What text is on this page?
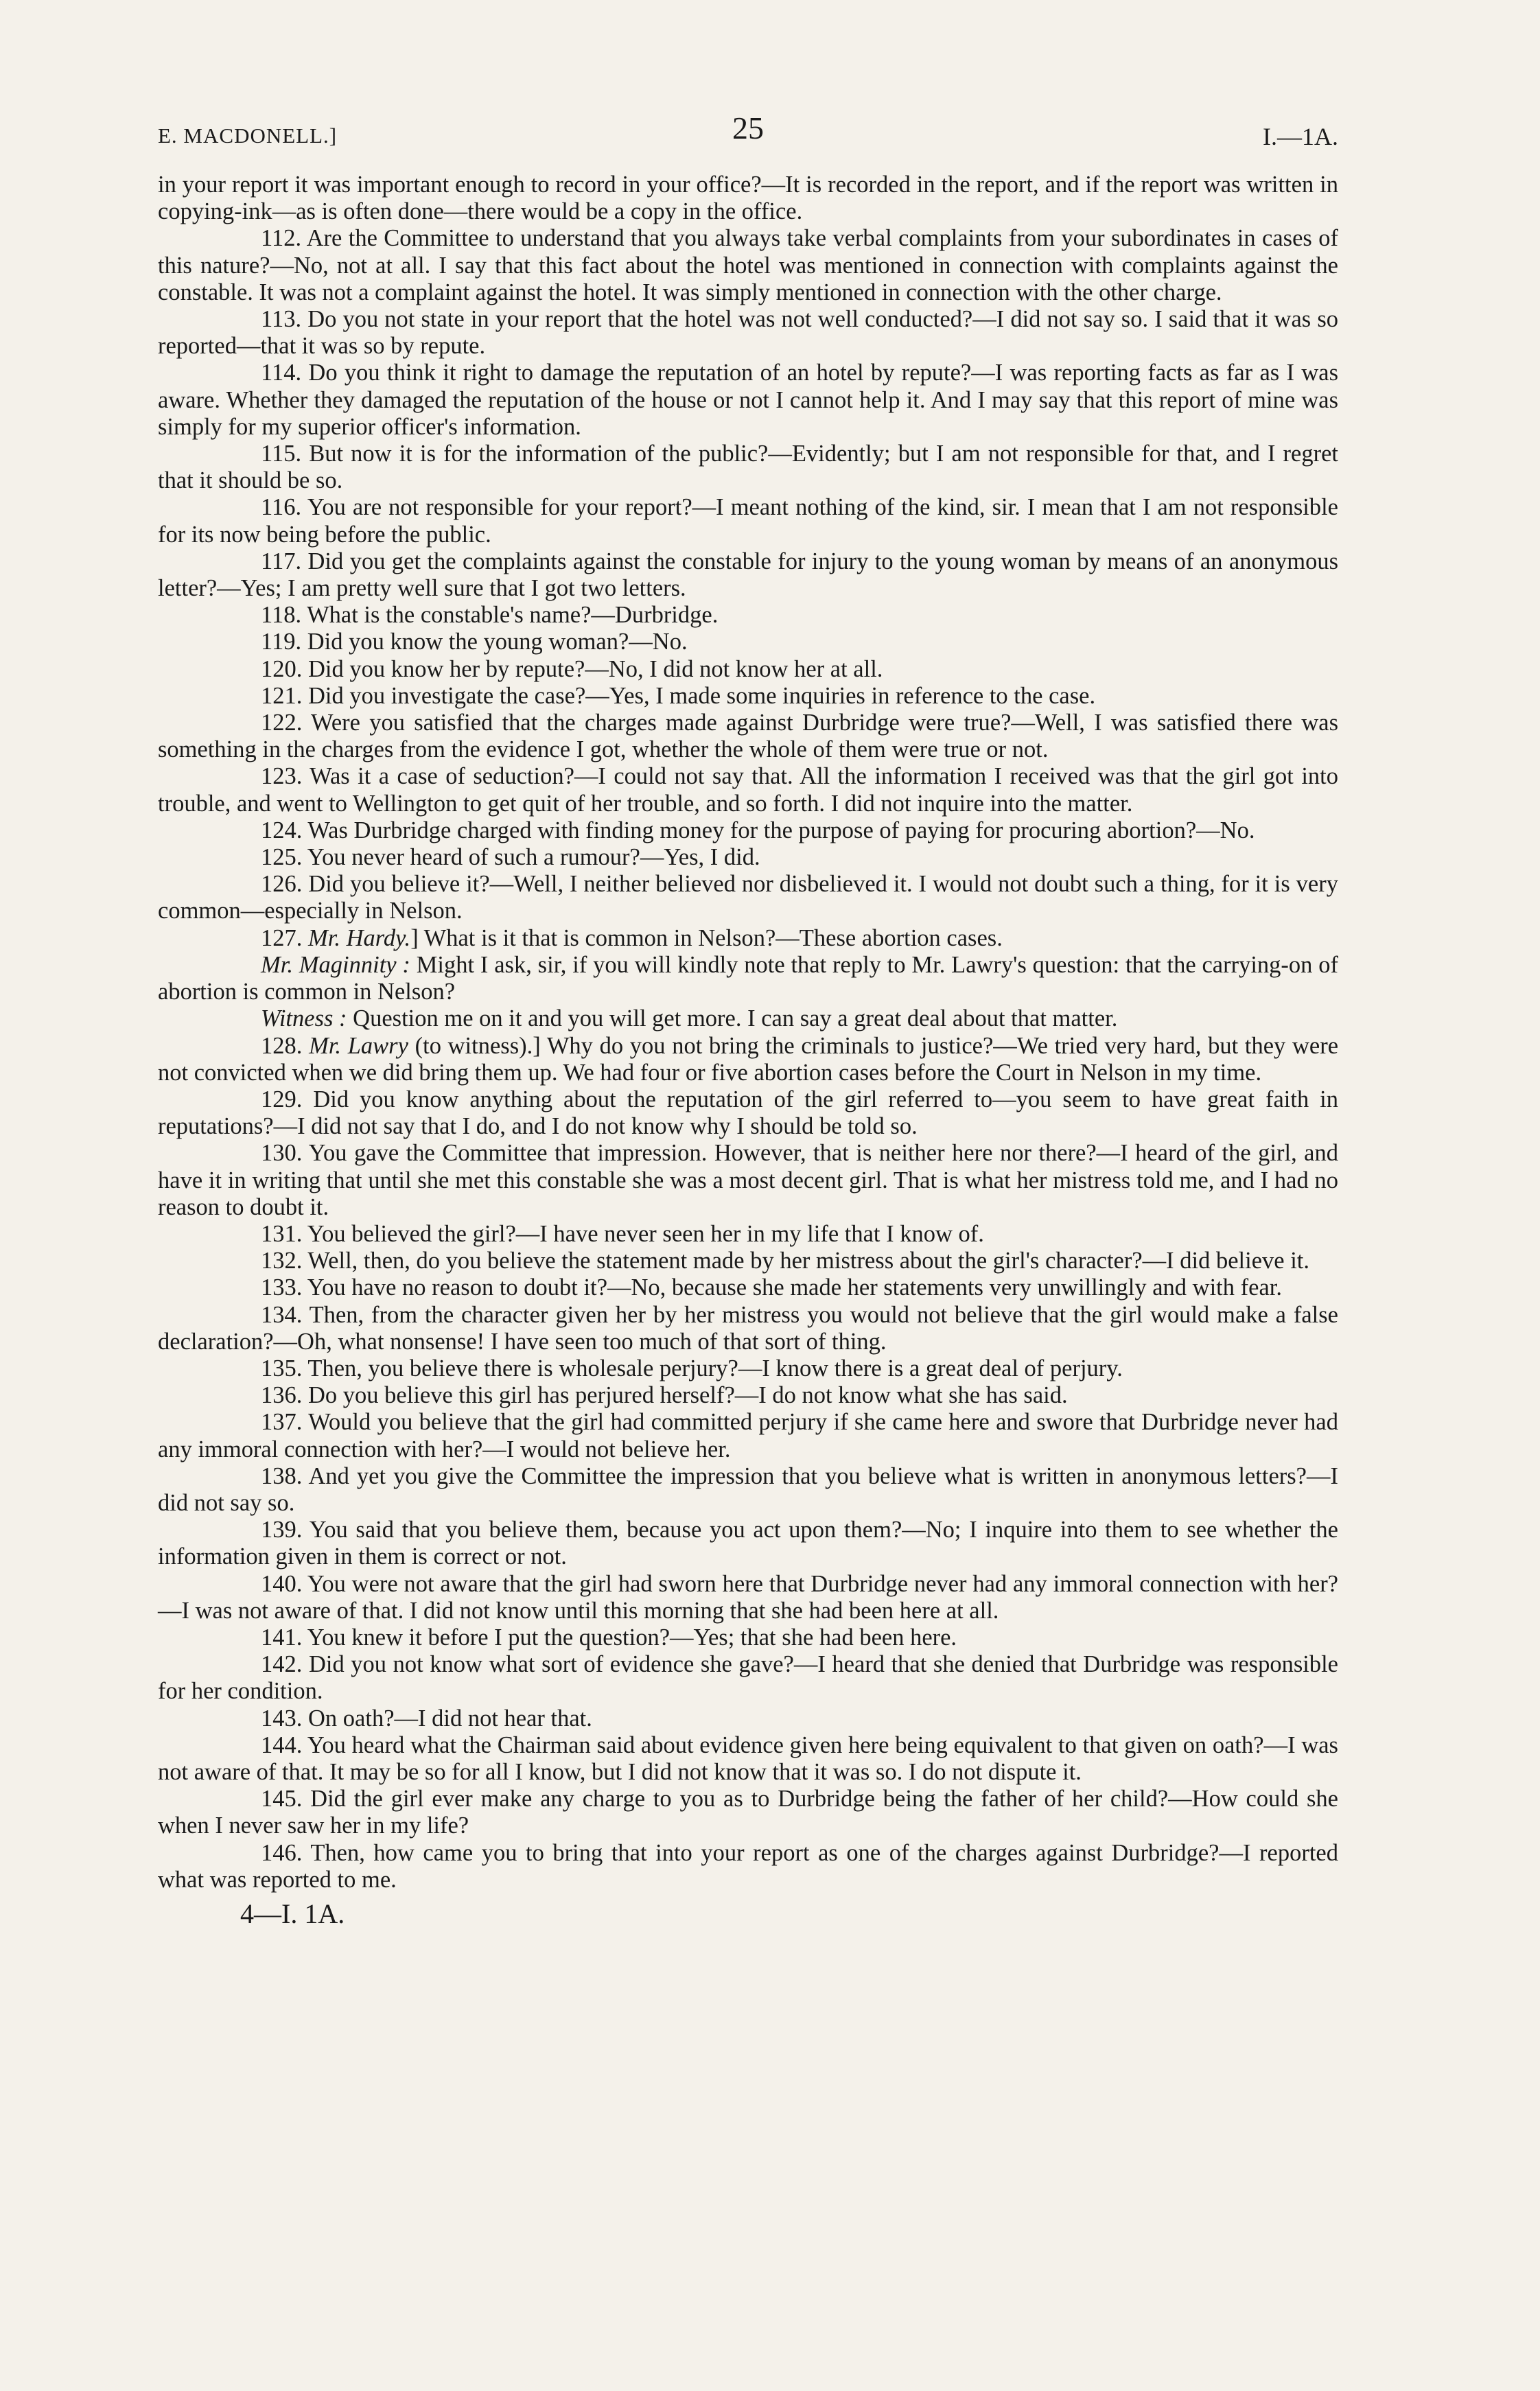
E. MACDONELL.]	25	I.—1A.

in your report it was important enough to record in your office?—It is recorded in the report, and if the report was written in copying-ink—as is often done—there would be a copy in the office.

112. Are the Committee to understand that you always take verbal complaints from your subordinates in cases of this nature?—No, not at all. I say that this fact about the hotel was mentioned in connection with complaints against the constable. It was not a complaint against the hotel. It was simply mentioned in connection with the other charge.

113. Do you not state in your report that the hotel was not well conducted?—I did not say so. I said that it was so reported—that it was so by repute.

114. Do you think it right to damage the reputation of an hotel by repute?—I was reporting facts as far as I was aware. Whether they damaged the reputation of the house or not I cannot help it. And I may say that this report of mine was simply for my superior officer's information.

115. But now it is for the information of the public?—Evidently; but I am not responsible for that, and I regret that it should be so.

116. You are not responsible for your report?—I meant nothing of the kind, sir. I mean that I am not responsible for its now being before the public.

117. Did you get the complaints against the constable for injury to the young woman by means of an anonymous letter?—Yes; I am pretty well sure that I got two letters.

118. What is the constable's name?—Durbridge.

119. Did you know the young woman?—No.

120. Did you know her by repute?—No, I did not know her at all.

121. Did you investigate the case?—Yes, I made some inquiries in reference to the case.

122. Were you satisfied that the charges made against Durbridge were true?—Well, I was satisfied there was something in the charges from the evidence I got, whether the whole of them were true or not.

123. Was it a case of seduction?—I could not say that. All the information I received was that the girl got into trouble, and went to Wellington to get quit of her trouble, and so forth. I did not inquire into the matter.

124. Was Durbridge charged with finding money for the purpose of paying for procuring abortion?—No.

125. You never heard of such a rumour?—Yes, I did.

126. Did you believe it?—Well, I neither believed nor disbelieved it. I would not doubt such a thing, for it is very common—especially in Nelson.

127. Mr. Hardy.] What is it that is common in Nelson?—These abortion cases.

Mr. Maginnity : Might I ask, sir, if you will kindly note that reply to Mr. Lawry's question: that the carrying-on of abortion is common in Nelson?

Witness : Question me on it and you will get more. I can say a great deal about that matter.

128. Mr. Lawry (to witness).] Why do you not bring the criminals to justice?—We tried very hard, but they were not convicted when we did bring them up. We had four or five abortion cases before the Court in Nelson in my time.

129. Did you know anything about the reputation of the girl referred to—you seem to have great faith in reputations?—I did not say that I do, and I do not know why I should be told so.

130. You gave the Committee that impression. However, that is neither here nor there?—I heard of the girl, and have it in writing that until she met this constable she was a most decent girl. That is what her mistress told me, and I had no reason to doubt it.

131. You believed the girl?—I have never seen her in my life that I know of.

132. Well, then, do you believe the statement made by her mistress about the girl's character?—I did believe it.

133. You have no reason to doubt it?—No, because she made her statements very unwillingly and with fear.

134. Then, from the character given her by her mistress you would not believe that the girl would make a false declaration?—Oh, what nonsense! I have seen too much of that sort of thing.

135. Then, you believe there is wholesale perjury?—I know there is a great deal of perjury.

136. Do you believe this girl has perjured herself?—I do not know what she has said.

137. Would you believe that the girl had committed perjury if she came here and swore that Durbridge never had any immoral connection with her?—I would not believe her.

138. And yet you give the Committee the impression that you believe what is written in anonymous letters?—I did not say so.

139. You said that you believe them, because you act upon them?—No; I inquire into them to see whether the information given in them is correct or not.

140. You were not aware that the girl had sworn here that Durbridge never had any immoral connection with her?—I was not aware of that. I did not know until this morning that she had been here at all.

141. You knew it before I put the question?—Yes; that she had been here.

142. Did you not know what sort of evidence she gave?—I heard that she denied that Durbridge was responsible for her condition.

143. On oath?—I did not hear that.

144. You heard what the Chairman said about evidence given here being equivalent to that given on oath?—I was not aware of that. It may be so for all I know, but I did not know that it was so. I do not dispute it.

145. Did the girl ever make any charge to you as to Durbridge being the father of her child?—How could she when I never saw her in my life?

146. Then, how came you to bring that into your report as one of the charges against Durbridge?—I reported what was reported to me.

4—I. 1A.
